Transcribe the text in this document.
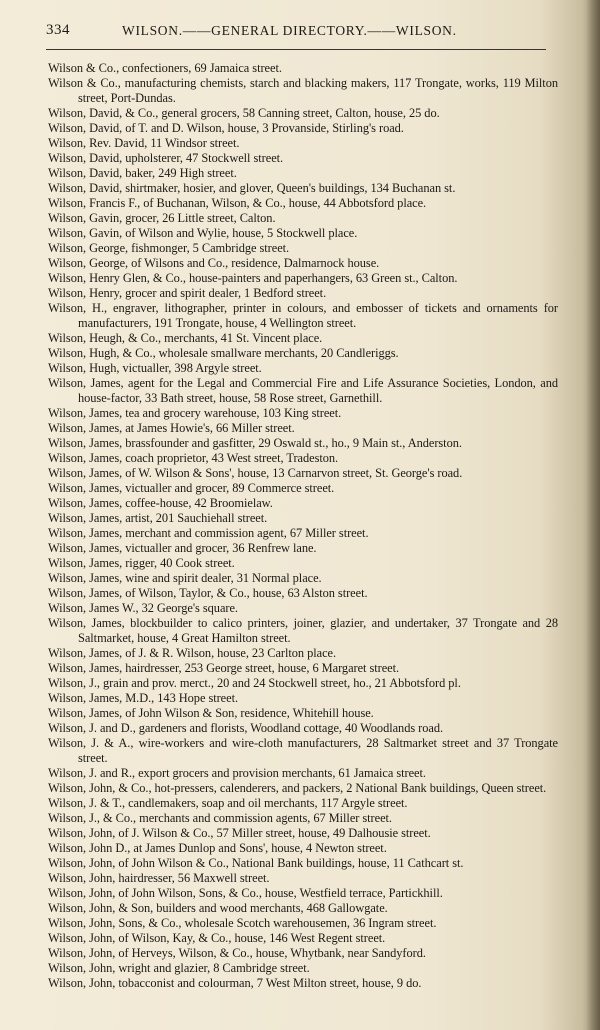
334	WILSON.——GENERAL DIRECTORY.——WILSON.
Wilson & Co., confectioners, 69 Jamaica street.
Wilson & Co., manufacturing chemists, starch and blacking makers, 117 Trongate, works, 119 Milton street, Port-Dundas.
Wilson, David, & Co., general grocers, 58 Canning street, Calton, house, 25 do.
Wilson, David, of T. and D. Wilson, house, 3 Provanside, Stirling's road.
Wilson, Rev. David, 11 Windsor street.
Wilson, David, upholsterer, 47 Stockwell street.
Wilson, David, baker, 249 High street.
Wilson, David, shirtmaker, hosier, and glover, Queen's buildings, 134 Buchanan st.
Wilson, Francis F., of Buchanan, Wilson, & Co., house, 44 Abbotsford place.
Wilson, Gavin, grocer, 26 Little street, Calton.
Wilson, Gavin, of Wilson and Wylie, house, 5 Stockwell place.
Wilson, George, fishmonger, 5 Cambridge street.
Wilson, George, of Wilsons and Co., residence, Dalmarnock house.
Wilson, Henry Glen, & Co., house-painters and paperhangers, 63 Green st., Calton.
Wilson, Henry, grocer and spirit dealer, 1 Bedford street.
Wilson, H., engraver, lithographer, printer in colours, and embosser of tickets and ornaments for manufacturers, 191 Trongate, house, 4 Wellington street.
Wilson, Heugh, & Co., merchants, 41 St. Vincent place.
Wilson, Hugh, & Co., wholesale smallware merchants, 20 Candleriggs.
Wilson, Hugh, victualler, 398 Argyle street.
Wilson, James, agent for the Legal and Commercial Fire and Life Assurance Societies, London, and house-factor, 33 Bath street, house, 58 Rose street, Garnethill.
Wilson, James, tea and grocery warehouse, 103 King street.
Wilson, James, at James Howie's, 66 Miller street.
Wilson, James, brassfounder and gasfitter, 29 Oswald st., ho., 9 Main st., Anderston.
Wilson, James, coach proprietor, 43 West street, Tradeston.
Wilson, James, of W. Wilson & Sons', house, 13 Carnarvon street, St. George's road.
Wilson, James, victualler and grocer, 89 Commerce street.
Wilson, James, coffee-house, 42 Broomielaw.
Wilson, James, artist, 201 Sauchiehall street.
Wilson, James, merchant and commission agent, 67 Miller street.
Wilson, James, victualler and grocer, 36 Renfrew lane.
Wilson, James, rigger, 40 Cook street.
Wilson, James, wine and spirit dealer, 31 Normal place.
Wilson, James, of Wilson, Taylor, & Co., house, 63 Alston street.
Wilson, James W., 32 George's square.
Wilson, James, blockbuilder to calico printers, joiner, glazier, and undertaker, 37 Trongate and 28 Saltmarket, house, 4 Great Hamilton street.
Wilson, James, of J. & R. Wilson, house, 23 Carlton place.
Wilson, James, hairdresser, 253 George street, house, 6 Margaret street.
Wilson, J., grain and prov. merct., 20 and 24 Stockwell street, ho., 21 Abbotsford pl.
Wilson, James, M.D., 143 Hope street.
Wilson, James, of John Wilson & Son, residence, Whitehill house.
Wilson, J. and D., gardeners and florists, Woodland cottage, 40 Woodlands road.
Wilson, J. & A., wire-workers and wire-cloth manufacturers, 28 Saltmarket street and 37 Trongate street.
Wilson, J. and R., export grocers and provision merchants, 61 Jamaica street.
Wilson, John, & Co., hot-pressers, calenderers, and packers, 2 National Bank buildings, Queen street.
Wilson, J. & T., candlemakers, soap and oil merchants, 117 Argyle street.
Wilson, J., & Co., merchants and commission agents, 67 Miller street.
Wilson, John, of J. Wilson & Co., 57 Miller street, house, 49 Dalhousie street.
Wilson, John D., at James Dunlop and Sons', house, 4 Newton street.
Wilson, John, of John Wilson & Co., National Bank buildings, house, 11 Cathcart st.
Wilson, John, hairdresser, 56 Maxwell street.
Wilson, John, of John Wilson, Sons, & Co., house, Westfield terrace, Partickhill.
Wilson, John, & Son, builders and wood merchants, 468 Gallowgate.
Wilson, John, Sons, & Co., wholesale Scotch warehousemen, 36 Ingram street.
Wilson, John, of Wilson, Kay, & Co., house, 146 West Regent street.
Wilson, John, of Herveys, Wilson, & Co., house, Whytbank, near Sandyford.
Wilson, John, wright and glazier, 8 Cambridge street.
Wilson, John, tobacconist and colourman, 7 West Milton street, house, 9 do.
